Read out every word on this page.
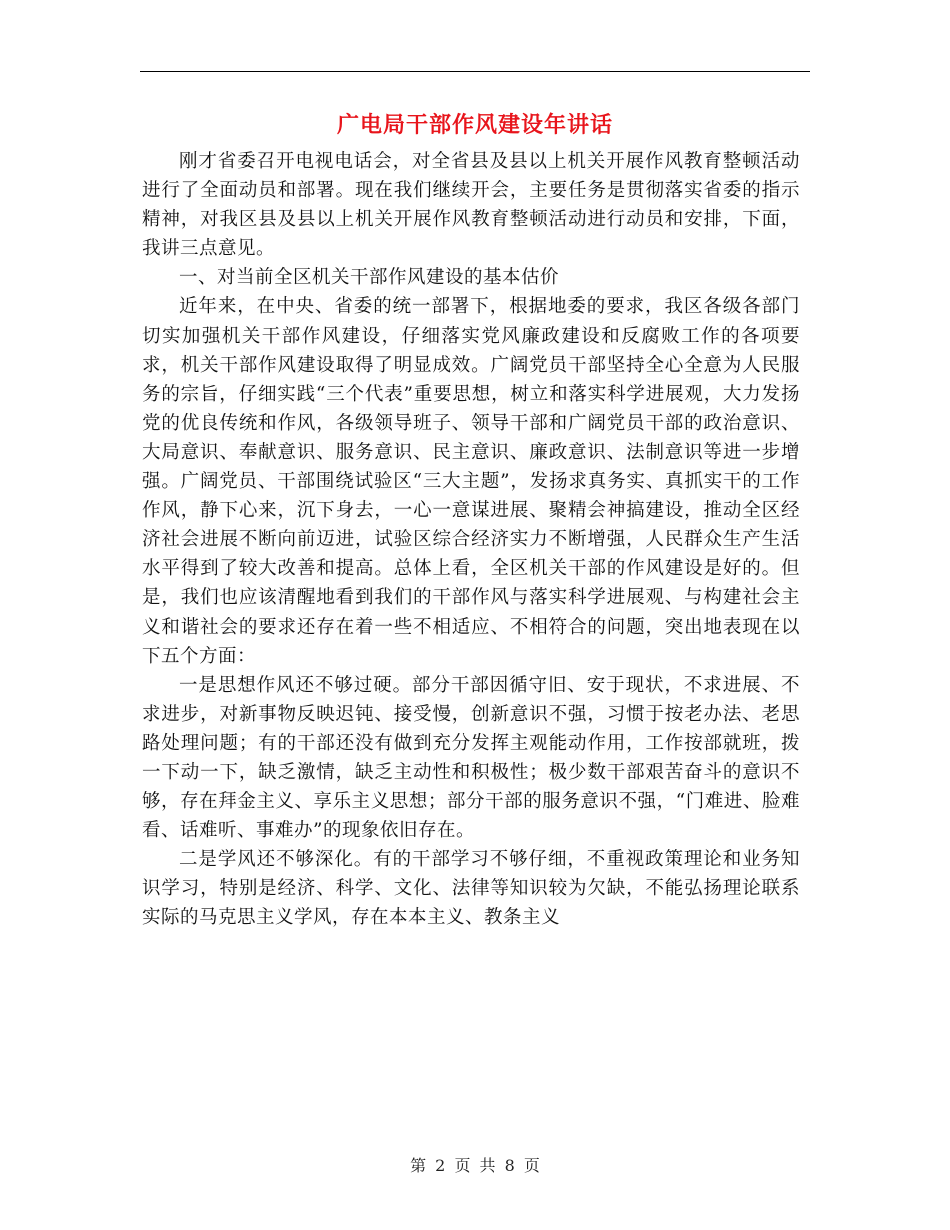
广电局干部作风建设年讲话

刚才省委召开电视电话会，对全省县及县以上机关开展作风教育整顿活动进行了全面动员和部署。现在我们继续开会，主要任务是贯彻落实省委的指示精神，对我区县及县以上机关开展作风教育整顿活动进行动员和安排，下面，我讲三点意见。

一、对当前全区机关干部作风建设的基本估价

近年来，在中央、省委的统一部署下，根据地委的要求，我区各级各部门切实加强机关干部作风建设，仔细落实党风廉政建设和反腐败工作的各项要求，机关干部作风建设取得了明显成效。广阔党员干部坚持全心全意为人民服务的宗旨，仔细实践“三个代表”重要思想，树立和落实科学进展观，大力发扬党的优良传统和作风，各级领导班子、领导干部和广阔党员干部的政治意识、大局意识、奉献意识、服务意识、民主意识、廉政意识、法制意识等进一步增强。广阔党员、干部围绕试验区“三大主题”，发扬求真务实、真抓实干的工作作风，静下心来，沉下身去，一心一意谋进展、聚精会神搞建设，推动全区经济社会进展不断向前迈进，试验区综合经济实力不断增强，人民群众生产生活水平得到了较大改善和提高。总体上看，全区机关干部的作风建设是好的。但是，我们也应该清醒地看到我们的干部作风与落实科学进展观、与构建社会主义和谐社会的要求还存在着一些不相适应、不相符合的问题，突出地表现在以下五个方面：

一是思想作风还不够过硬。部分干部因循守旧、安于现状，不求进展、不求进步，对新事物反映迟钝、接受慢，创新意识不强，习惯于按老办法、老思路处理问题；有的干部还没有做到充分发挥主观能动作用，工作按部就班，拨一下动一下，缺乏激情，缺乏主动性和积极性；极少数干部艰苦奋斗的意识不够，存在拜金主义、享乐主义思想；部分干部的服务意识不强，“门难进、脸难看、话难听、事难办”的现象依旧存在。

二是学风还不够深化。有的干部学习不够仔细，不重视政策理论和业务知识学习，特别是经济、科学、文化、法律等知识较为欠缺，不能弘扬理论联系实际的马克思主义学风，存在本本主义、教条主义

第 2 页 共 8 页
